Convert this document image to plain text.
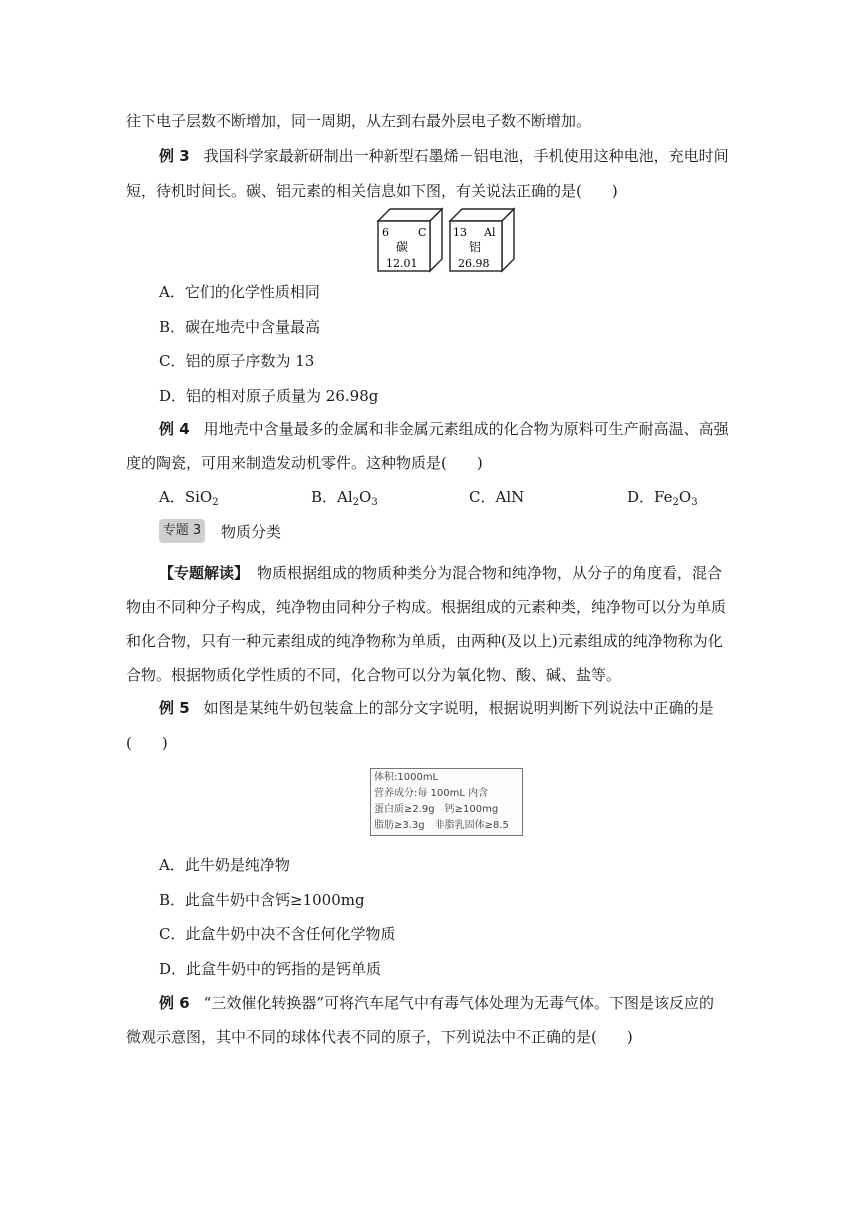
往下电子层数不断增加，同一周期，从左到右最外层电子数不断增加。
例 3 我国科学家最新研制出一种新型石墨烯－铝电池，手机使用这种电池，充电时间
短，待机时间长。碳、铝元素的相关信息如下图，有关说法正确的是(　　)
6	C
碳
12.01
13 Al
铝
26.98
A．它们的化学性质相同
B．碳在地壳中含量最高
C．铝的原子序数为 13
D．铝的相对原子质量为 26.98g
例 4 用地壳中含量最多的金属和非金属元素组成的化合物为原料可生产耐高温、高强
度的陶瓷，可用来制造发动机零件。这种物质是(　　)
A．SiO$_2$	B．$Al_2O_3$	C．AlN	D．$Fe_2O_3$
专题 3 物质分类
【专题解读】 物质根据组成的物质种类分为混合物和纯净物，从分子的角度看，混合
物由不同种分子构成，纯净物由同种分子构成。根据组成的元素种类，纯净物可以分为单质
和化合物，只有一种元素组成的纯净物称为单质，由两种(及以上)元素组成的纯净物称为化
合物。根据物质化学性质的不同，化合物可以分为氧化物、酸、碱、盐等。
例 5 如图是某纯牛奶包装盒上的部分文字说明，根据说明判断下列说法中正确的是
(　　)
体积:1000mL
营养成分:每 100mL 内含
蛋白质≥2.9g　钙≥100mg
脂肪≥3.3g　非脂乳固体≥8.5
A．此牛奶是纯净物
B．此盒牛奶中含钙≥1000mg
C．此盒牛奶中决不含任何化学物质
D．此盒牛奶中的钙指的是钙单质
例 6 “三效催化转换器”可将汽车尾气中有毒气体处理为无毒气体。下图是该反应的
微观示意图，其中不同的球体代表不同的原子，下列说法中不正确的是(　　)
